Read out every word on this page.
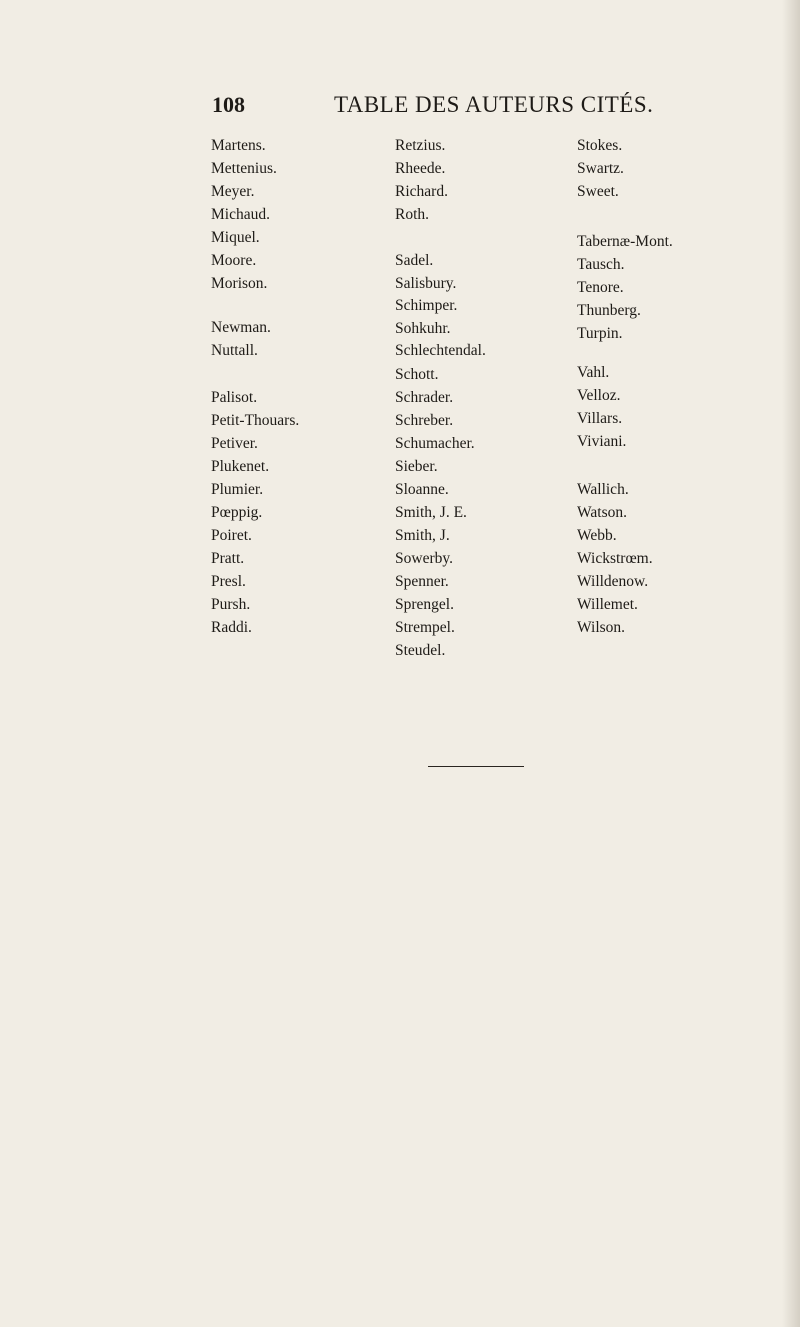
108	TABLE DES AUTEURS CITÉS.
Martens.
Mettenius.
Meyer.
Michaud.
Miquel.
Moore.
Morison.
Newman.
Nuttall.
Palisot.
Petit-Thouars.
Petiver.
Plukenet.
Plumier.
Pœppig.
Poiret.
Pratt.
Presl.
Pursh.
Raddi.
Retzius.
Rheede.
Richard.
Roth.
Sadel.
Salisbury.
Schimper.
Sohkuhr.
Schlechtendal.
Schott.
Schrader.
Schreber.
Schumacher.
Sieber.
Sloanne.
Smith, J. E.
Smith, J.
Sowerby.
Spenner.
Sprengel.
Strempel.
Steudel.
Stokes.
Swartz.
Sweet.
Tabernæ-Mont.
Tausch.
Tenore.
Thunberg.
Turpin.
Vahl.
Velloz.
Villars.
Viviani.
Wallich.
Watson.
Webb.
Wickstrœm.
Willdenow.
Willemet.
Wilson.
